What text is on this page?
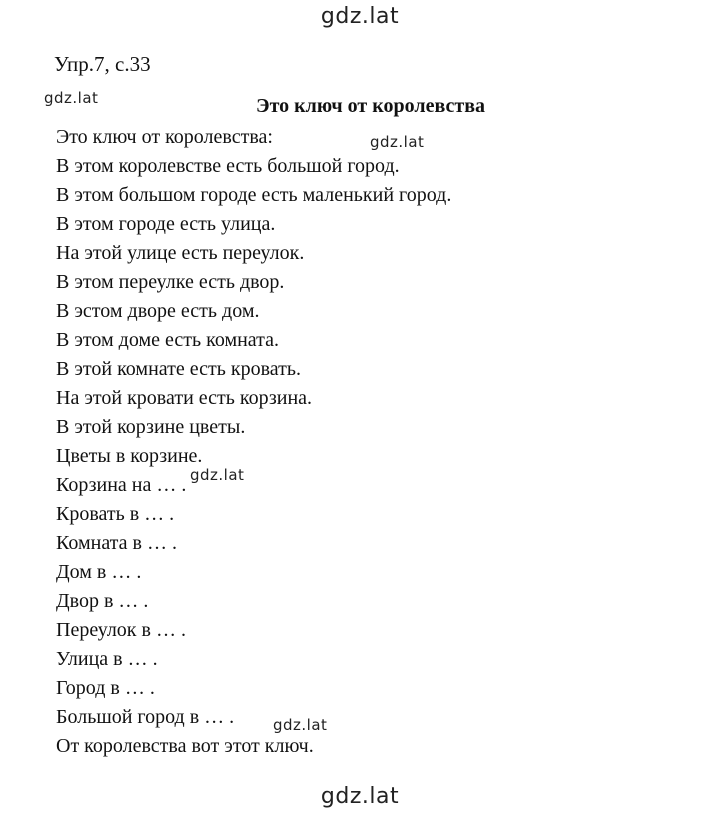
gdz.lat
gdz.lat
gdz.lat
gdz.lat
gdz.lat
gdz.lat
Упр.7, с.33
Это ключ от королевства
Это ключ от королевства:
В этом королевстве есть большой город.
В этом большом городе есть маленький город.
В этом городе есть улица.
На этой улице есть переулок.
В этом переулке есть двор.
В эстом дворе есть дом.
В этом доме есть комната.
В этой комнате есть кровать.
На этой кровати есть корзина.
В этой корзине цветы.
Цветы в корзине.
Корзина на … .
Кровать в … .
Комната в … .
Дом в … .
Двор в … .
Переулок в … .
Улица в … .
Город в … .
Большой город в … .
От королевства вот этот ключ.
